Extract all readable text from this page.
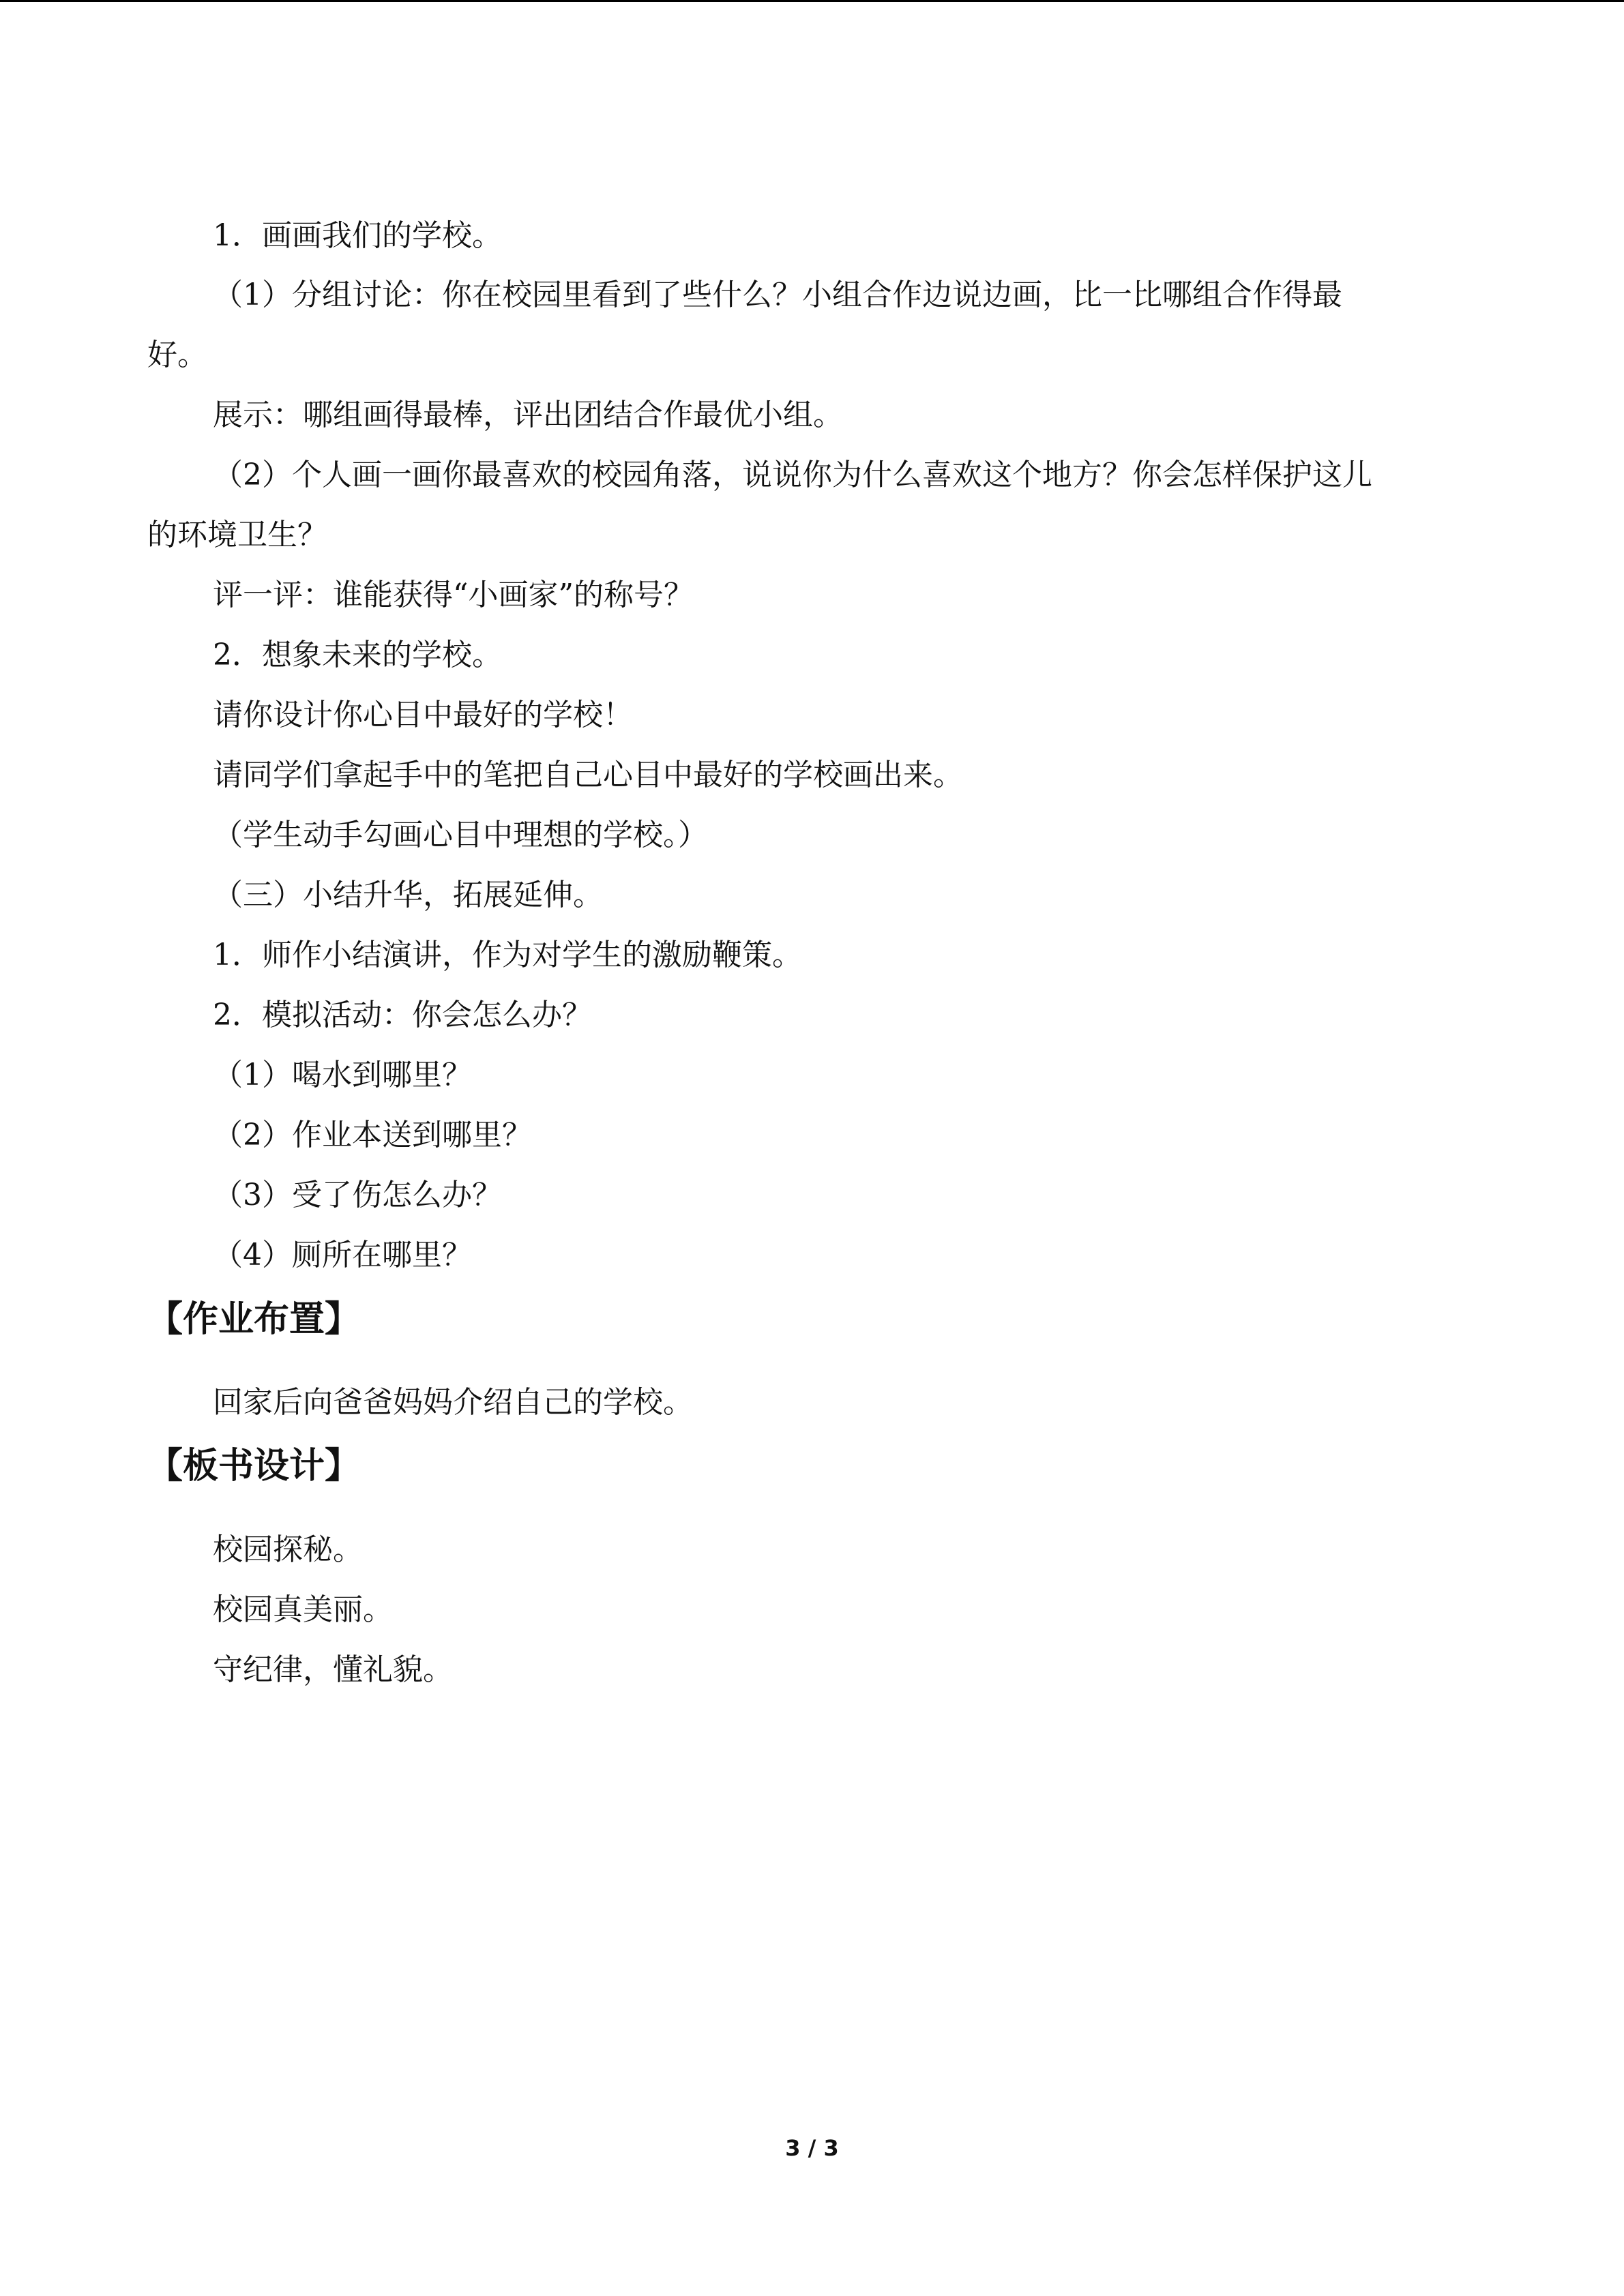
1．画画我们的学校。
（1）分组讨论：你在校园里看到了些什么？小组合作边说边画，比一比哪组合作得最
好。
展示：哪组画得最棒，评出团结合作最优小组。
（2）个人画一画你最喜欢的校园角落，说说你为什么喜欢这个地方？你会怎样保护这儿
的环境卫生？
评一评：谁能获得“小画家”的称号？
2．想象未来的学校。
请你设计你心目中最好的学校！
请同学们拿起手中的笔把自己心目中最好的学校画出来。
（学生动手勾画心目中理想的学校。）
（三）小结升华，拓展延伸。
1．师作小结演讲，作为对学生的激励鞭策。
2．模拟活动：你会怎么办？
（1）喝水到哪里？
（2）作业本送到哪里？
（3）受了伤怎么办？
（4）厕所在哪里？
【作业布置】
回家后向爸爸妈妈介绍自己的学校。
【板书设计】
校园探秘。
校园真美丽。
守纪律，懂礼貌。
3 / 3
